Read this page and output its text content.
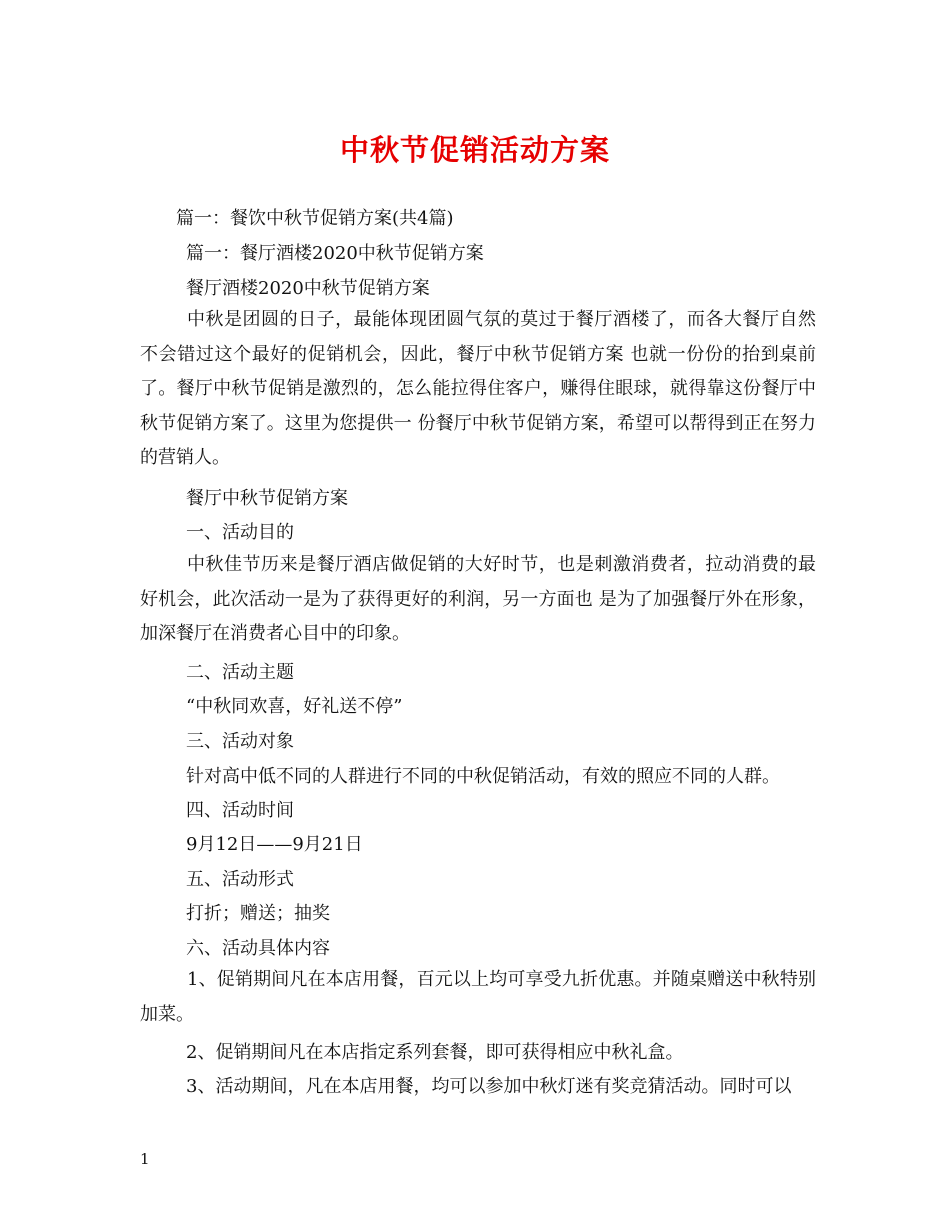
中秋节促销活动方案
篇一：餐饮中秋节促销方案(共4篇)
篇一：餐厅酒楼2020中秋节促销方案
餐厅酒楼2020中秋节促销方案

中秋是团圆的日子，最能体现团圆气氛的莫过于餐厅酒楼了，而各大餐厅自然不会错过这个最好的促销机会，因此，餐厅中秋节促销方案 也就一份份的抬到桌前了。餐厅中秋节促销是激烈的，怎么能拉得住客户，赚得住眼球，就得靠这份餐厅中秋节促销方案了。这里为您提供一 份餐厅中秋节促销方案，希望可以帮得到正在努力的营销人。

餐厅中秋节促销方案
一、活动目的

中秋佳节历来是餐厅酒店做促销的大好时节，也是刺激消费者，拉动消费的最好机会，此次活动一是为了获得更好的利润，另一方面也 是为了加强餐厅外在形象，加深餐厅在消费者心目中的印象。

二、活动主题
“中秋同欢喜，好礼送不停”
三、活动对象
针对高中低不同的人群进行不同的中秋促销活动，有效的照应不同的人群。
四、活动时间
9月12日——9月21日
五、活动形式
打折；赠送；抽奖
六、活动具体内容

1、促销期间凡在本店用餐，百元以上均可享受九折优惠。并随桌赠送中秋特别加菜。

2、促销期间凡在本店指定系列套餐，即可获得相应中秋礼盒。
3、活动期间，凡在本店用餐，均可以参加中秋灯迷有奖竞猜活动。同时可以
1
